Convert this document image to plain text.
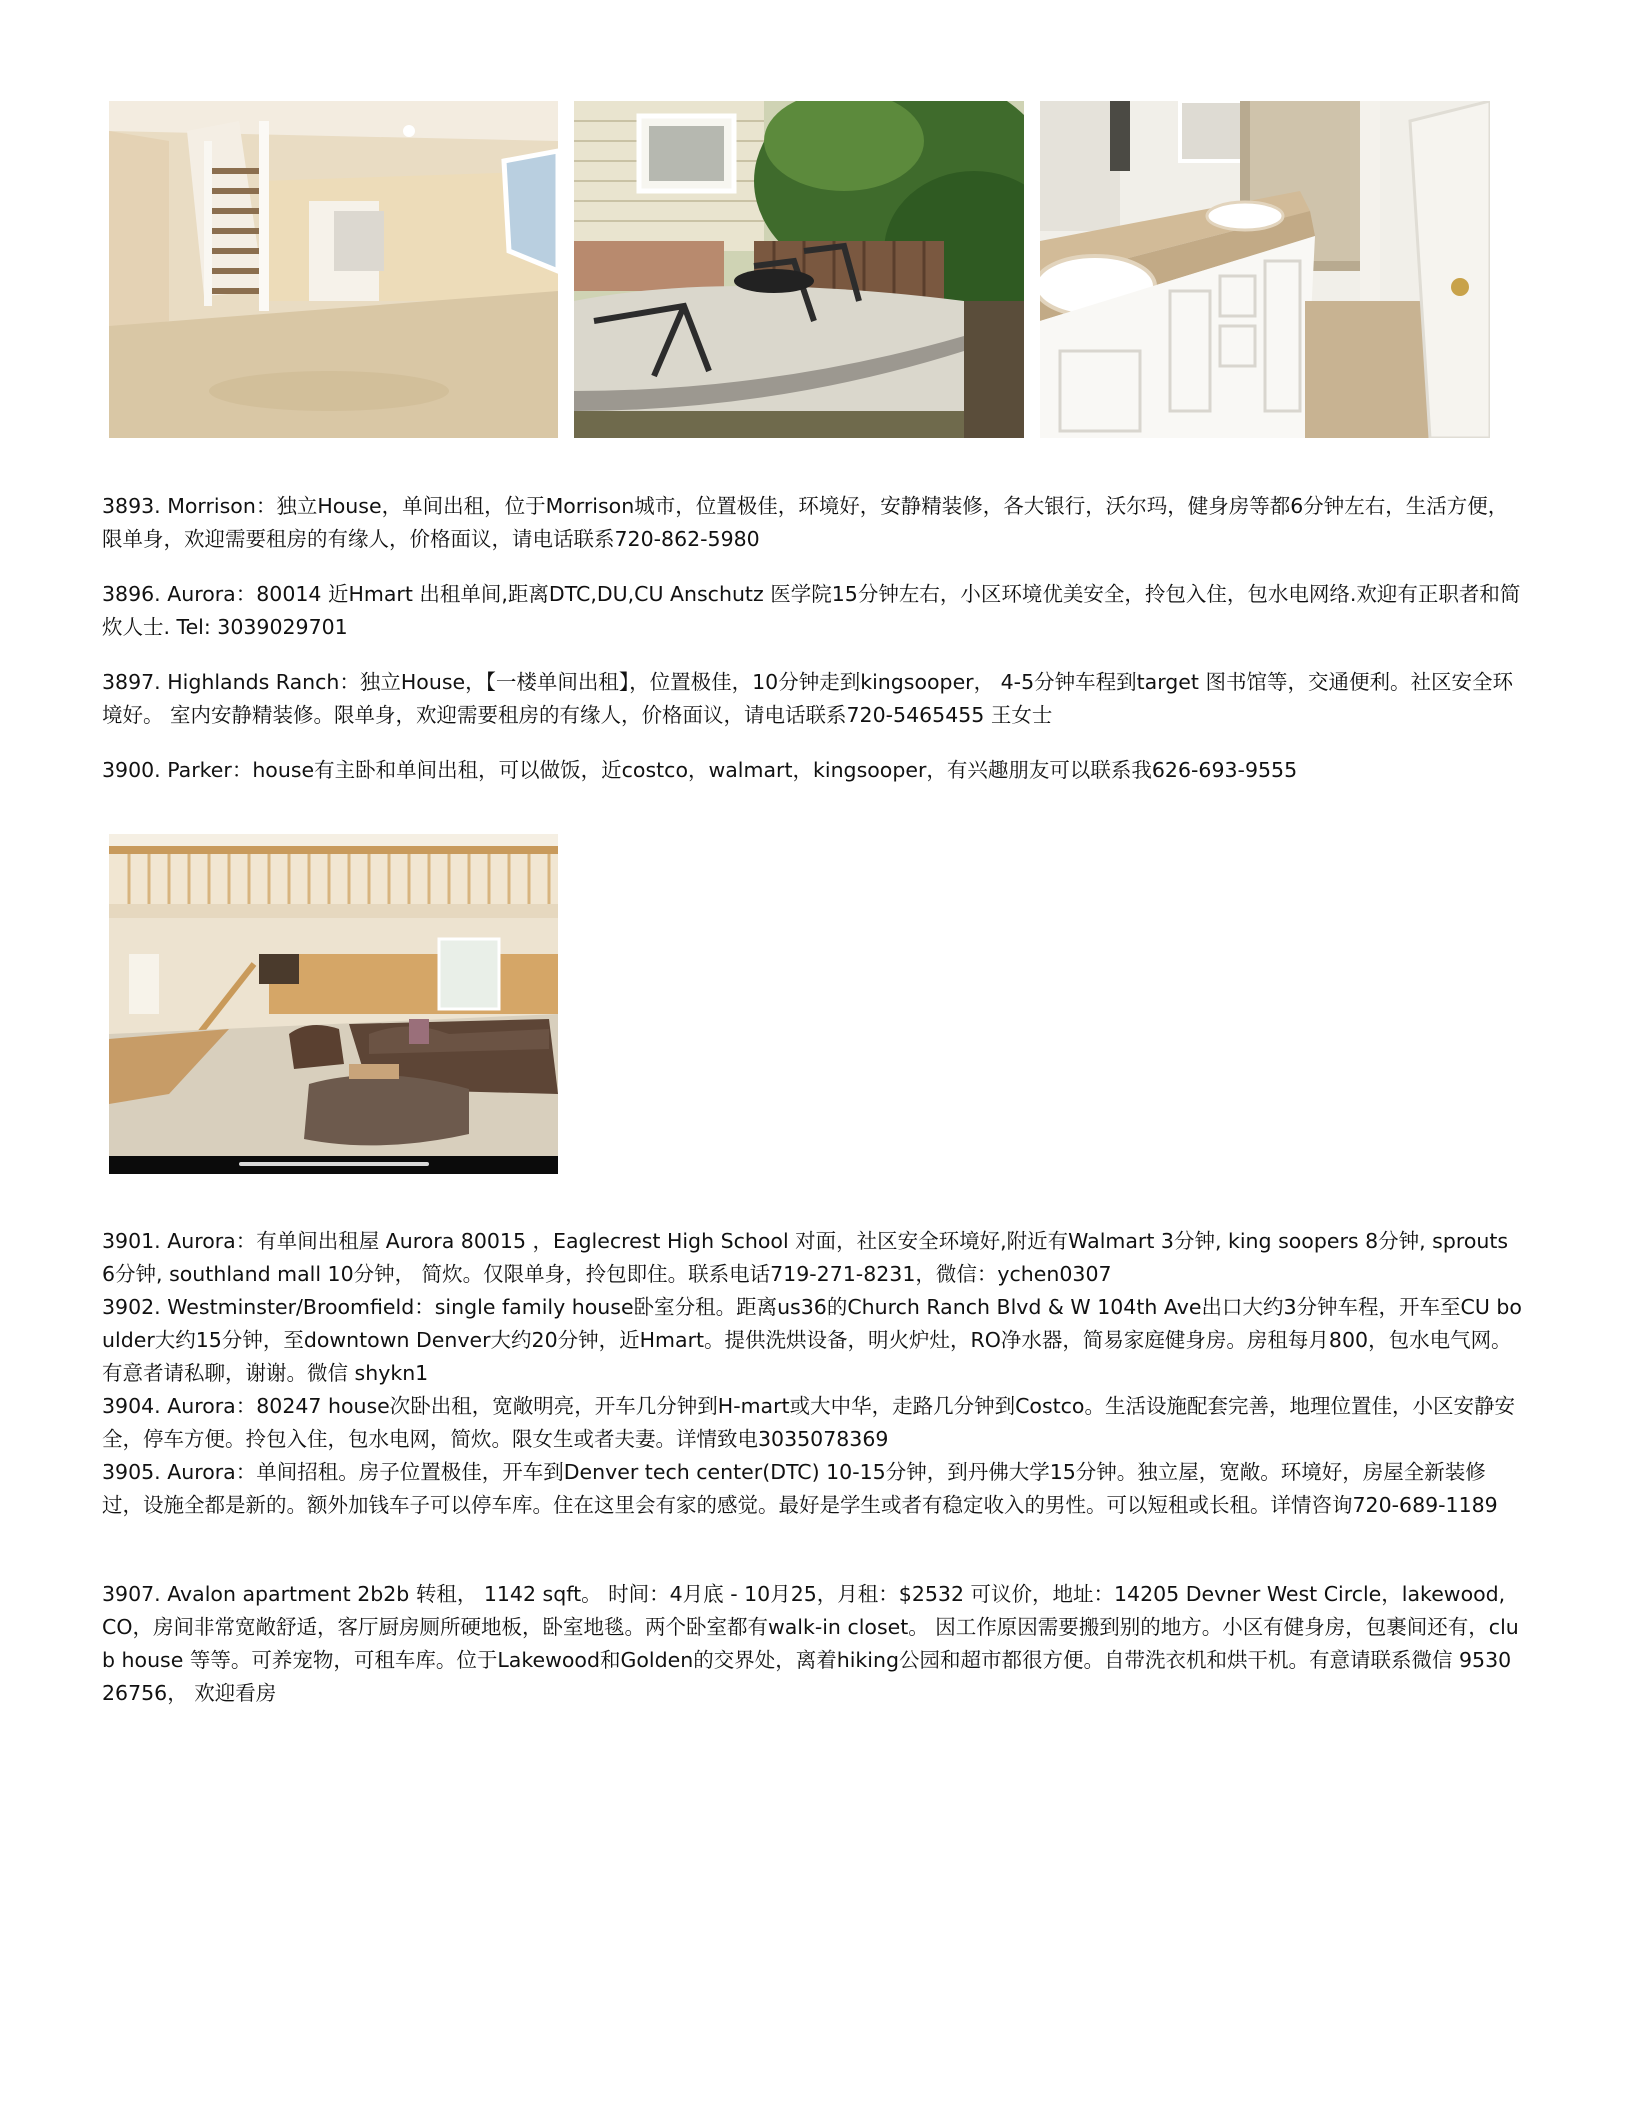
3893. Morrison：独立House，单间出租，位于Morrison城市，位置极佳，环境好，安静精装修，各大银行，沃尔玛，健身房等都6分钟左右，生活方便，限单身，欢迎需要租房的有缘人，价格面议，请电话联系720-862-5980

3896. Aurora：80014 近Hmart 出租单间,距离DTC,DU,CU Anschutz 医学院15分钟左右，小区环境优美安全，拎包入住，包水电网络.欢迎有正职者和简炊人士. Tel: 3039029701

3897. Highlands Ranch：独立House，【一楼单间出租】，位置极佳，10分钟走到kingsooper， 4-5分钟车程到target 图书馆等，交通便利。社区安全环境好。 室内安静精装修。限单身，欢迎需要租房的有缘人，价格面议，请电话联系720-5465455 王女士

3900. Parker：house有主卧和单间出租，可以做饭，近costco，walmart，kingsooper，有兴趣朋友可以联系我626-693-9555

3901. Aurora：有单间出租屋 Aurora 80015 ，Eaglecrest High School 对面，社区安全环境好,附近有Walmart 3分钟, king soopers 8分钟, sprouts 6分钟, southland mall 10分钟， 简炊。仅限单身，拎包即住。联系电话719-271-8231，微信：ychen0307

3902. Westminster/Broomfield：single family house卧室分租。距离us36的Church Ranch Blvd & W 104th Ave出口大约3分钟车程，开车至CU boulder大约15分钟，至downtown Denver大约20分钟，近Hmart。提供洗烘设备，明火炉灶，RO净水器，简易家庭健身房。房租每月800，包水电气网。有意者请私聊，谢谢。微信 shykn1

3904. Aurora：80247 house次卧出租，宽敞明亮，开车几分钟到H-mart或大中华，走路几分钟到Costco。生活设施配套完善，地理位置佳，小区安静安全，停车方便。拎包入住，包水电网，简炊。限女生或者夫妻。详情致电3035078369

3905. Aurora：单间招租。房子位置极佳，开车到Denver tech center(DTC) 10-15分钟，到丹佛大学15分钟。独立屋，宽敞。环境好，房屋全新装修过，设施全都是新的。额外加钱车子可以停车库。住在这里会有家的感觉。最好是学生或者有稳定收入的男性。可以短租或长租。详情咨询720-689-1189

3907. Avalon apartment 2b2b 转租， 1142 sqft。 时间：4月底 - 10月25，月租：$2532 可议价，地址：14205 Devner West Circle，lakewood, CO，房间非常宽敞舒适，客厅厨房厕所硬地板，卧室地毯。两个卧室都有walk-in closet。 因工作原因需要搬到别的地方。小区有健身房，包裹间还有，club house 等等。可养宠物，可租车库。位于Lakewood和Golden的交界处，离着hiking公园和超市都很方便。自带洗衣机和烘干机。有意请联系微信 953026756， 欢迎看房
